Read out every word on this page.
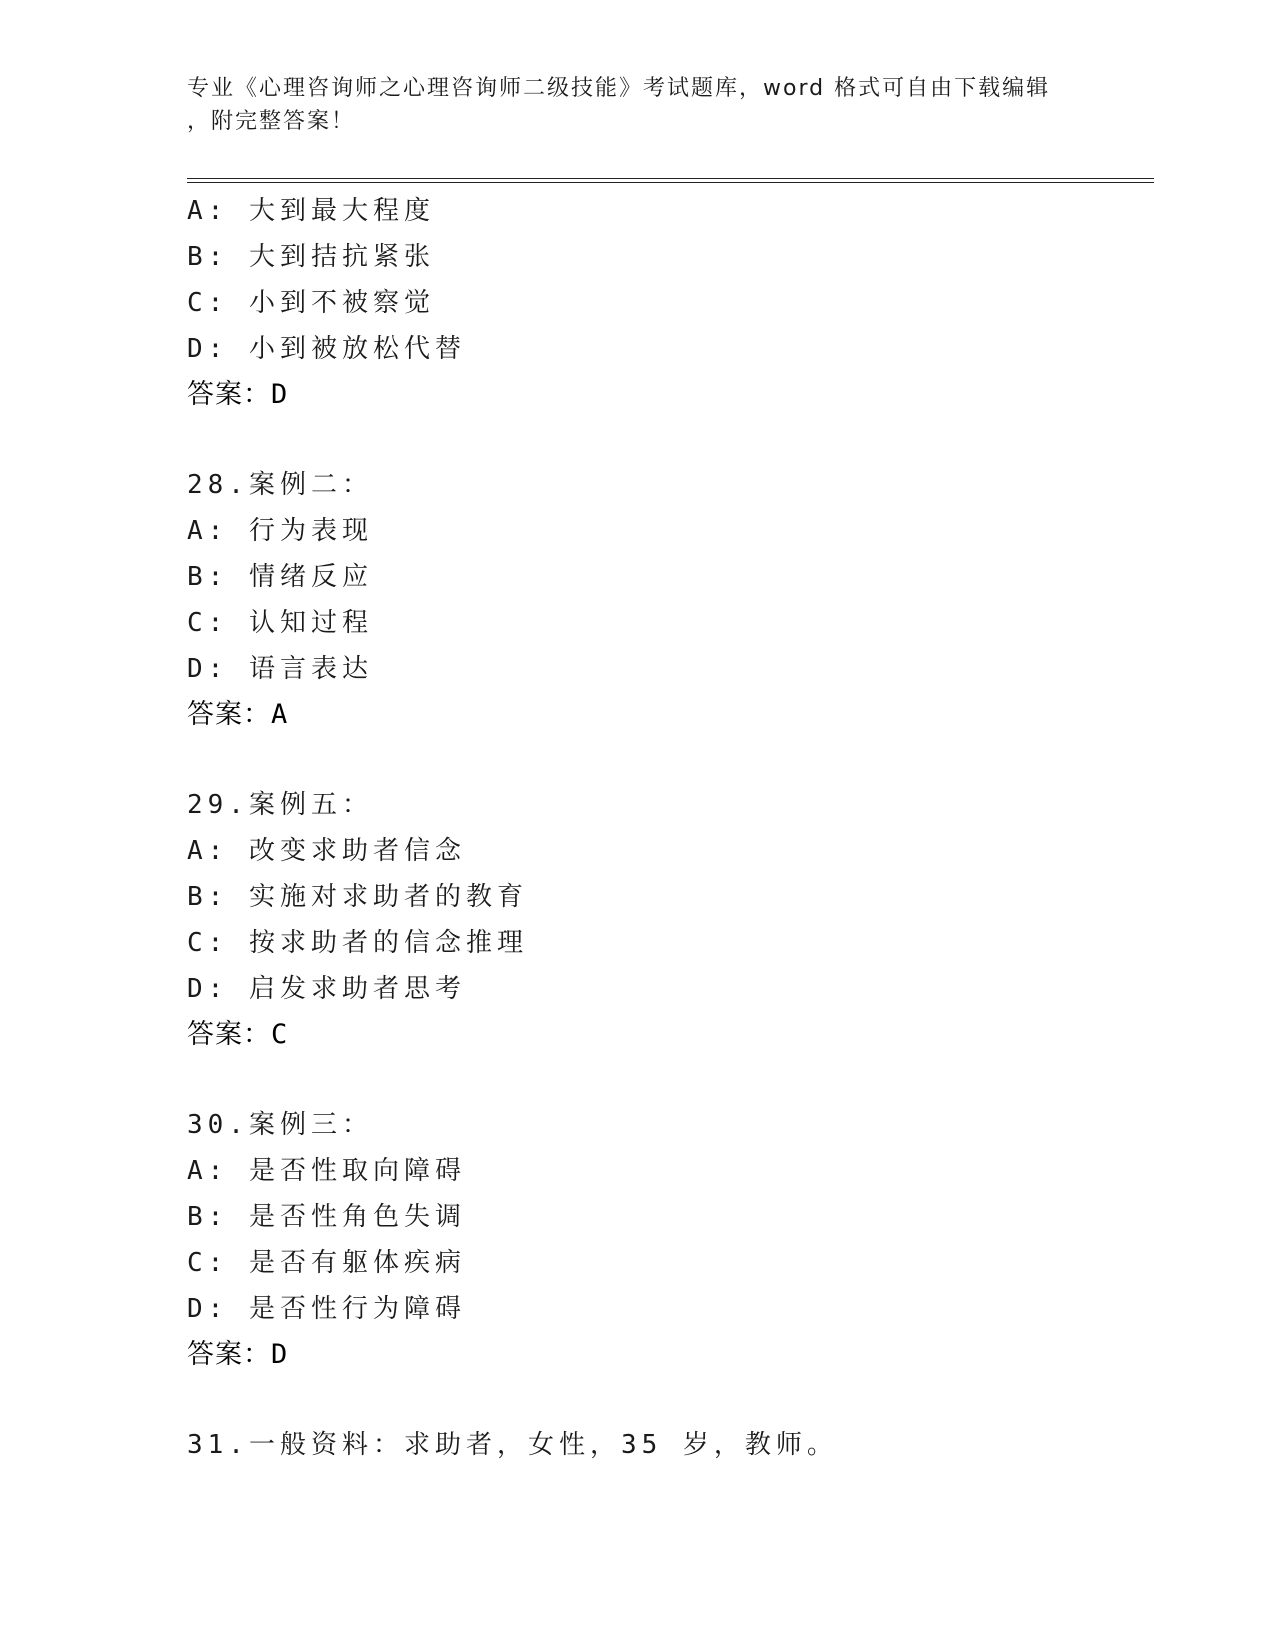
专业《心理咨询师之心理咨询师二级技能》考试题库，word 格式可自由下载编辑
，附完整答案！
A: 大到最大程度
B: 大到拮抗紧张
C: 小到不被察觉
D: 小到被放松代替
答案：D
28.案例二：
A: 行为表现
B: 情绪反应
C: 认知过程
D: 语言表达
答案：A
29.案例五：
A: 改变求助者信念
B: 实施对求助者的教育
C: 按求助者的信念推理
D: 启发求助者思考
答案：C
30.案例三：
A: 是否性取向障碍
B: 是否性角色失调
C: 是否有躯体疾病
D: 是否性行为障碍
答案：D
31.一般资料：求助者，女性，35 岁，教师。
